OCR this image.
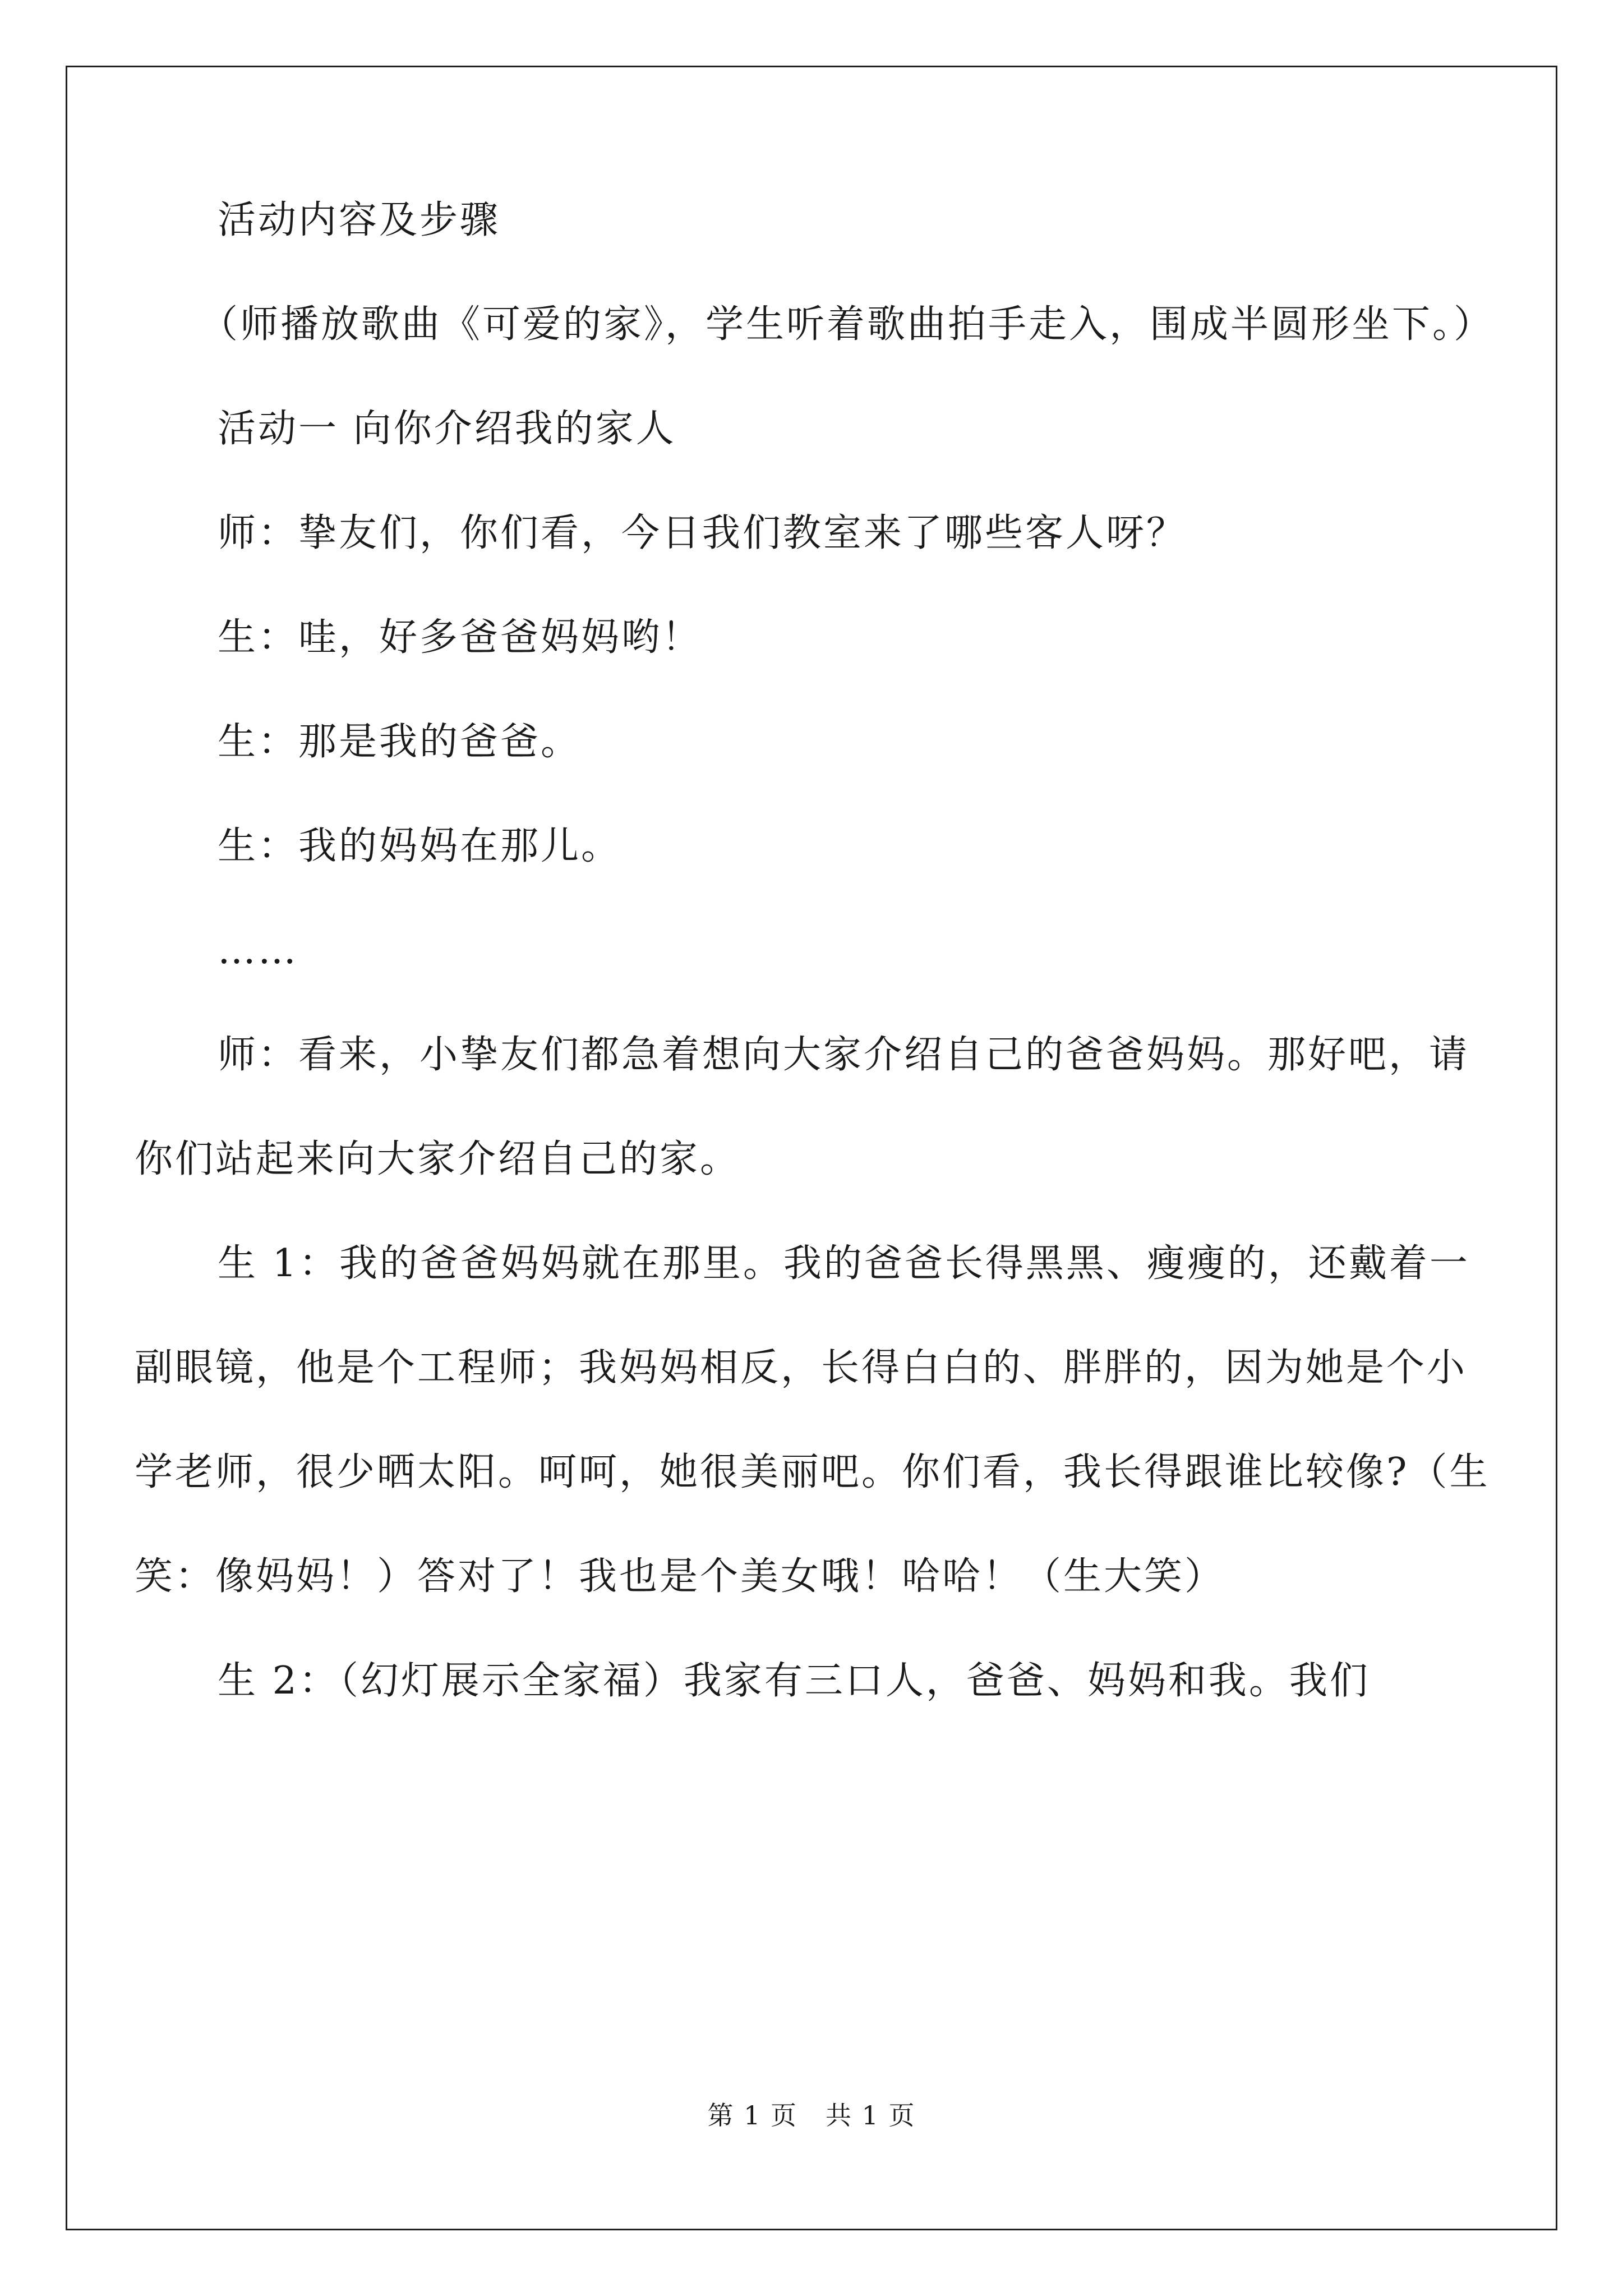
活动内容及步骤

（师播放歌曲《可爱的家》，学生听着歌曲拍手走入，围成半圆形坐下。）

活动一 向你介绍我的家人

师：挚友们，你们看，今日我们教室来了哪些客人呀？

生：哇，好多爸爸妈妈哟！

生：那是我的爸爸。

生：我的妈妈在那儿。

……

师：看来，小挚友们都急着想向大家介绍自己的爸爸妈妈。那好吧，请你们站起来向大家介绍自己的家。

生 1：我的爸爸妈妈就在那里。我的爸爸长得黑黑、瘦瘦的，还戴着一副眼镜，他是个工程师；我妈妈相反，长得白白的、胖胖的，因为她是个小学老师，很少晒太阳。呵呵，她很美丽吧。你们看，我长得跟谁比较像?（生笑：像妈妈！）答对了！我也是个美女哦！哈哈！（生大笑）

生 2：（幻灯展示全家福）我家有三口人，爸爸、妈妈和我。我们

第 1 页 共 1 页
